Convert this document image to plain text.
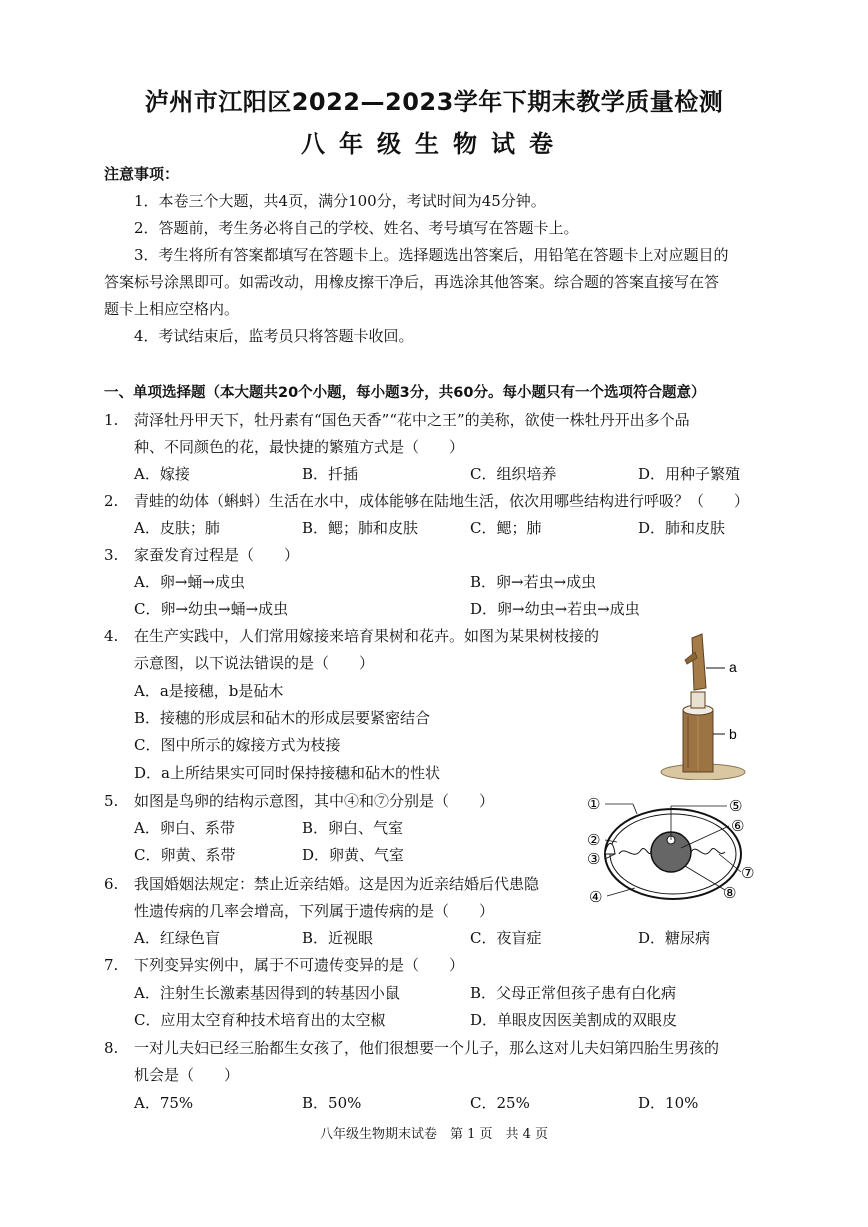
泸州市江阳区2022—2023学年下期末教学质量检测
八年级生物试卷
注意事项：
1．本卷三个大题，共4页，满分100分，考试时间为45分钟。
2．答题前，考生务必将自己的学校、姓名、考号填写在答题卡上。
3．考生将所有答案都填写在答题卡上。选择题选出答案后，用铅笔在答题卡上对应题目的
答案标号涂黑即可。如需改动，用橡皮擦干净后，再选涂其他答案。综合题的答案直接写在答
题卡上相应空格内。
4．考试结束后，监考员只将答题卡收回。
一、单项选择题（本大题共20个小题，每小题3分，共60分。每小题只有一个选项符合题意）
1. 菏泽牡丹甲天下，牡丹素有“国色天香”“花中之王”的美称，欲使一株牡丹开出多个品
种、不同颜色的花，最快捷的繁殖方式是（　　）
A．嫁接	B．扦插	C．组织培养	D．用种子繁殖
2. 青蛙的幼体（蝌蚪）生活在水中，成体能够在陆地生活，依次用哪些结构进行呼吸？（　　）
A．皮肤；肺	B．鳃；肺和皮肤	C．鳃；肺	D．肺和皮肤
3. 家蚕发育过程是（　　）
A．卵→蛹→成虫	B．卵→若虫→成虫
C．卵→幼虫→蛹→成虫	D．卵→幼虫→若虫→成虫
4. 在生产实践中，人们常用嫁接来培育果树和花卉。如图为某果树枝接的
示意图，以下说法错误的是（　　）
A．a是接穗，b是砧木
B．接穗的形成层和砧木的形成层要紧密结合
C．图中所示的嫁接方式为枝接
D．a上所结果实可同时保持接穗和砧木的性状
a
b
5. 如图是鸟卵的结构示意图，其中④和⑦分别是（　　）
A．卵白、系带	B．卵白、气室
C．卵黄、系带	D．卵黄、气室
①
②
③
④
⑤
⑥
⑦
⑧
6. 我国婚姻法规定：禁止近亲结婚。这是因为近亲结婚后代患隐
性遗传病的几率会增高，下列属于遗传病的是（　　）
A．红绿色盲	B．近视眼	C．夜盲症	D．糖尿病
7. 下列变异实例中，属于不可遗传变异的是（　　）
A．注射生长激素基因得到的转基因小鼠	B．父母正常但孩子患有白化病
C．应用太空育种技术培育出的太空椒	D．单眼皮因医美割成的双眼皮
8. 一对儿夫妇已经三胎都生女孩了，他们很想要一个儿子，那么这对儿夫妇第四胎生男孩的
机会是（　　）
A．75%	B．50%	C．25%	D．10%
八年级生物期末试卷　第 1 页　共 4 页
